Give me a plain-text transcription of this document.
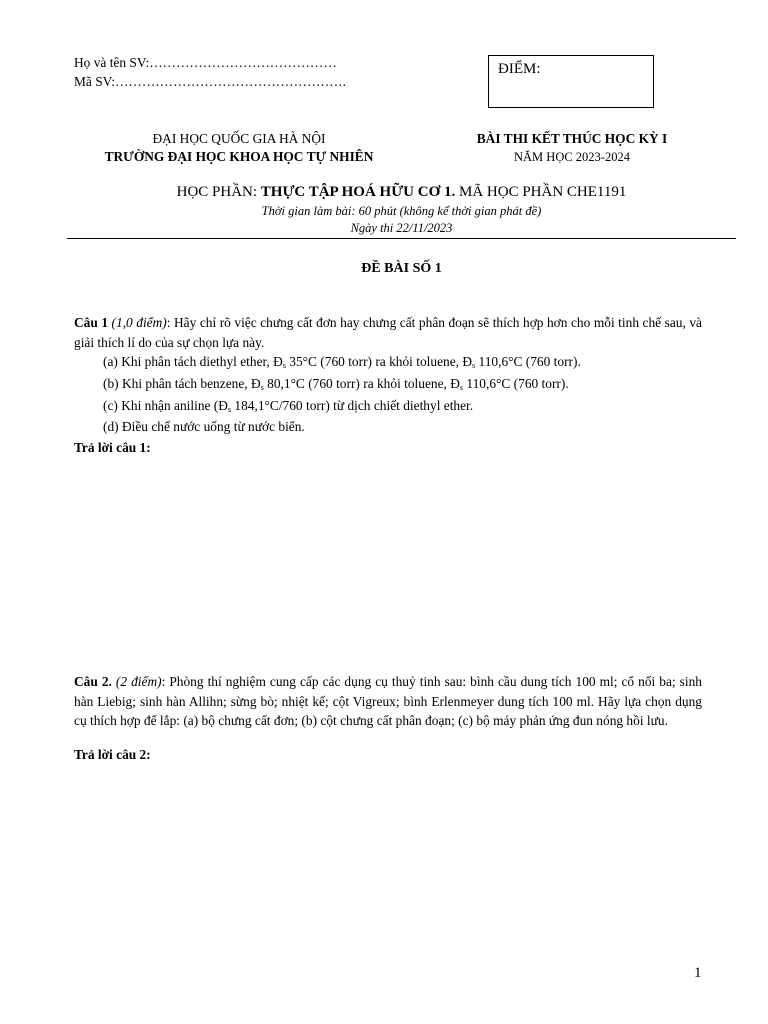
Họ và tên SV:……………………………………
Mã SV:…………………………………………….
ĐIỂM:
ĐẠI HỌC QUỐC GIA HÀ NỘI
TRƯỜNG ĐẠI HỌC KHOA HỌC TỰ NHIÊN
BÀI THI KẾT THÚC HỌC KỲ I
NĂM HỌC 2023-2024
HỌC PHẦN: THỰC TẬP HOÁ HỮU CƠ 1. MÃ HỌC PHẦN CHE1191
Thời gian làm bài: 60 phút (không kể thời gian phát đề)
Ngày thi 22/11/2023
ĐỀ BÀI SỐ 1
Câu 1 (1,0 điểm): Hãy chỉ rõ việc chưng cất đơn hay chưng cất phân đoạn sẽ thích hợp hơn cho mỗi tinh chế sau, và giải thích lí do của sự chọn lựa này.
(a) Khi phân tách diethyl ether, $Đ_s$ 35°C (760 torr) ra khỏi toluene, $Đ_s$ 110,6°C (760 torr).
(b) Khi phân tách benzene, $Đ_s$ 80,1°C (760 torr) ra khỏi toluene, $Đ_s$ 110,6°C (760 torr).
(c) Khi nhận aniline ($Đ_s$ 184,1°C/760 torr) từ dịch chiết diethyl ether.
(d) Điều chế nước uống từ nước biển.
Trả lời câu 1:
Câu 2. (2 điểm): Phòng thí nghiệm cung cấp các dụng cụ thuỷ tinh sau: bình cầu dung tích 100 ml; cổ nối ba; sinh hàn Liebig; sinh hàn Allihn; sừng bò; nhiệt kế; cột Vigreux; bình Erlenmeyer dung tích 100 ml. Hãy lựa chọn dụng cụ thích hợp để lắp: (a) bộ chưng cất đơn; (b) cột chưng cất phân đoạn; (c) bộ máy phản ứng đun nóng hồi lưu.
Trả lời câu 2:
1
